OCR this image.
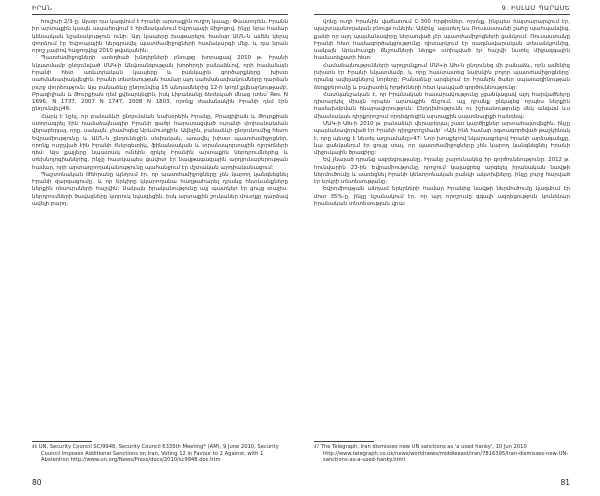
ԻՐԱՆ

հուլիսի 2/3-ը: Այսօր դա կազմում է Իրանի արտաքին ուղիղ կապը: Փաստորեն, Իրանն իր արտաքին կապն ապահովում է հիմնականում Եվրոպայի միջոցով, ինչը նրա համար կենսական նշանակություն ունի: Այդ կապերը խաթարելու համար ԱՄՆ-ն ամեն կերպ փորձում էր Եվրոպային ներգրավել պատժամիջոցների համակարգի մեջ, և դա նրան որոշ չափով հաջողվեց 2010 թվականին:

Պատժամիջոցների ստեղծած խնդիրների բնույթը խորացավ 2010 թ. Իրանի նկատմամբ ընդունված ՄԱԿ-ի Անվտանգության խորհրդի բանաձևով, որի համաձայն Իրանի հետ առևտրական կապերը և բանկային գործարքները խիստ սահմանափակվեցին: Իրանի տնտեսության համար այդ սահմանափակումները դարձան լուրջ փորձություն: Այս բանաձևը ընդունվեց 15 անդամներից 12-ի կողմ քվեարկությամբ, Բրազիլիան և Թուրքիան դեմ քվեարկեցին, իսկ Լիբանանը ձեռնպահ մնաց (տես՝ Res. N 1696, N 1737, 2007 N 1747, 2008 N 1803, որոնք ժամանակին Իրանի դեմ էին ընդունվել)46:

Հարկ է նշել, որ բանաձևի ընդունման նախօրեին Իրանը, Բրազիլիան և Թուրքիան ստորագրել էին համաձայնագիր Իրանի ցածր հարստացված ուրանի փոխանակման վերաբերյալ, որը, սակայն, չհամոզեց Արևմուտքին: Ավելին, բանաձևի ընդունումից հետո Եվրամիությունը և ԱՄՆ-ն ընդունեցին սեփական, առավել խիստ պատժամիջոցներ, որոնք ուղղված էին Իրանի էներգետիկ, ֆինանսական և տրանսպորտային ոլորտների դեմ: Այս քայլերը նպատակ ունեին զրկել Իրանին արտաքին ներդրումներից և տեխնոլոգիաներից, ինչը հատկապես ցավոտ էր նավթագազային արդյունաբերության համար, որի արտադրողականությունը պահանջում էր մշտական արդիականացում:

Պաշտոնական Թեհրանը պնդում էր, որ պատժամիջոցները չեն կարող կանգնեցնել Իրանի զարգացումը, և որ երկիրը կկարողանա հաղթահարել դրանց հետևանքները ներքին ռեսուրսների հաշվին: Սակայն իրականությունը այլ պատկեր էր ցույց տալիս. ներդրումների ծավալները կտրուկ նվազեցին, իսկ արտաքին շուկաներ մուտքը դարձավ ավելի բարդ:

$^{46}$ UN, Security Council SC/9948, Security Council 6335th Meeting* (AM), 9 June 2010, Security Council Imposes Additional Sanctions on Iran, Voting 12 in Favour to 2 Against, with 1 Abstention http://www.un.org/News/Press/docs/2010/sc9948.doc.htm

80
9. ԻՍԼԱՄ ՊԱՐԱՍԵ

վոնը ուղի Իրանին վաճառում C-300 հրթիռներ, որոնք, ինչպես հայտարարվում էր, պաշտպանողական բնույթ ունեին: Այնինչ՝ այստեղ ևս Ռուսաստանի շահը պահպանվեց, քանի որ այդ պայմանագիրը ներառված չէր պատժամիջոցների ցանկում: Ռուսաստանը Իրանի հետ համագործակցությունը դիտարկում էր ռազմավարական տեսանկյունից, սակայն Արևմուտքի ճնշումների ներքո ստիպված էր հաշվի նստել միջազգային համատեքստի հետ:

Համաձայնությունների արդյունքում ՄԱԿ-ի ԱԽ-ն ընդունեց մի բանաձև, որն ամենից խիստն էր Իրանի նկատմամբ, և որը հաստատեց նախկին բոլոր պատժամիջոցները՝ դրանց ավելացնելով նորերը: Բանաձևը արգելում էր Իրանին ծանր սպառազինության ձեռքբերումը և բալիստիկ հրթիռների հետ կապված գործունեությունը:

Հատկանշական է, որ Իրանական հասարակությունը չցանկացավ այդ հարվածները դիտարկել միայն որպես արտաքին ճնշում, այլ դրանք ընկալեց որպես ներքին համախմբման հնարավորություն: Ընդդիմությունն ու իշխանությունը մեկ անգամ ևս միասնական դիրքորոշում որդեգրեցին արտաքին սպառնալիքի հանդեպ:

ՄԱԿ-ի ԱԽ-ի 2010 թ. բանաձևի վերաբերյալ շատ կարծիքներ արտահայտվեցին, ինչը պայմանավորված էր Իրանի դիրքորոշմամբ՝ «Այն ինձ համար օգտագործված թաշկինակ է, որը պետք է նետել աղբամանը»47: Նոր խոսքերով նկարագրելով Իրանի արձագանքը, նա ցանկանում էր ցույց տալ, որ պատժամիջոցները չեն կարող կանգնեցնել Իրանի միջուկային ծրագիրը:

Եվ չնայած դրանց ազդեցությանը, Իրանը շարունակեց իր գործունեությունը: 2012 թ. հունվարին 23-ին Եվրամիությունը որոշում կայացրեց արգելել իրանական նավթի ներմուծումը և սառեցնել Իրանի կենտրոնական բանկի ակտիվները, ինչը լուրջ հարված էր երկրի տնտեսությանը:

Եվրոմիության անդամ երկրների համար Իրանից նավթի ներմուծումը կազմում էր մոտ 35%-ը, ինչը նշանակում էր, որ այդ որոշումը զգալի ազդեցություն կունենար իրանական տնտեսության վրա:

$^{47}$ The Telegraph, Iran dismisses new UN sanctions as 'a used hanky', 10 Jun 2010 http://www.telegraph.co.uk/news/worldnews/middleeast/iran/7816395/Iran-dismisses-new-UN-sanctions-as-a-used-hanky.html

81
